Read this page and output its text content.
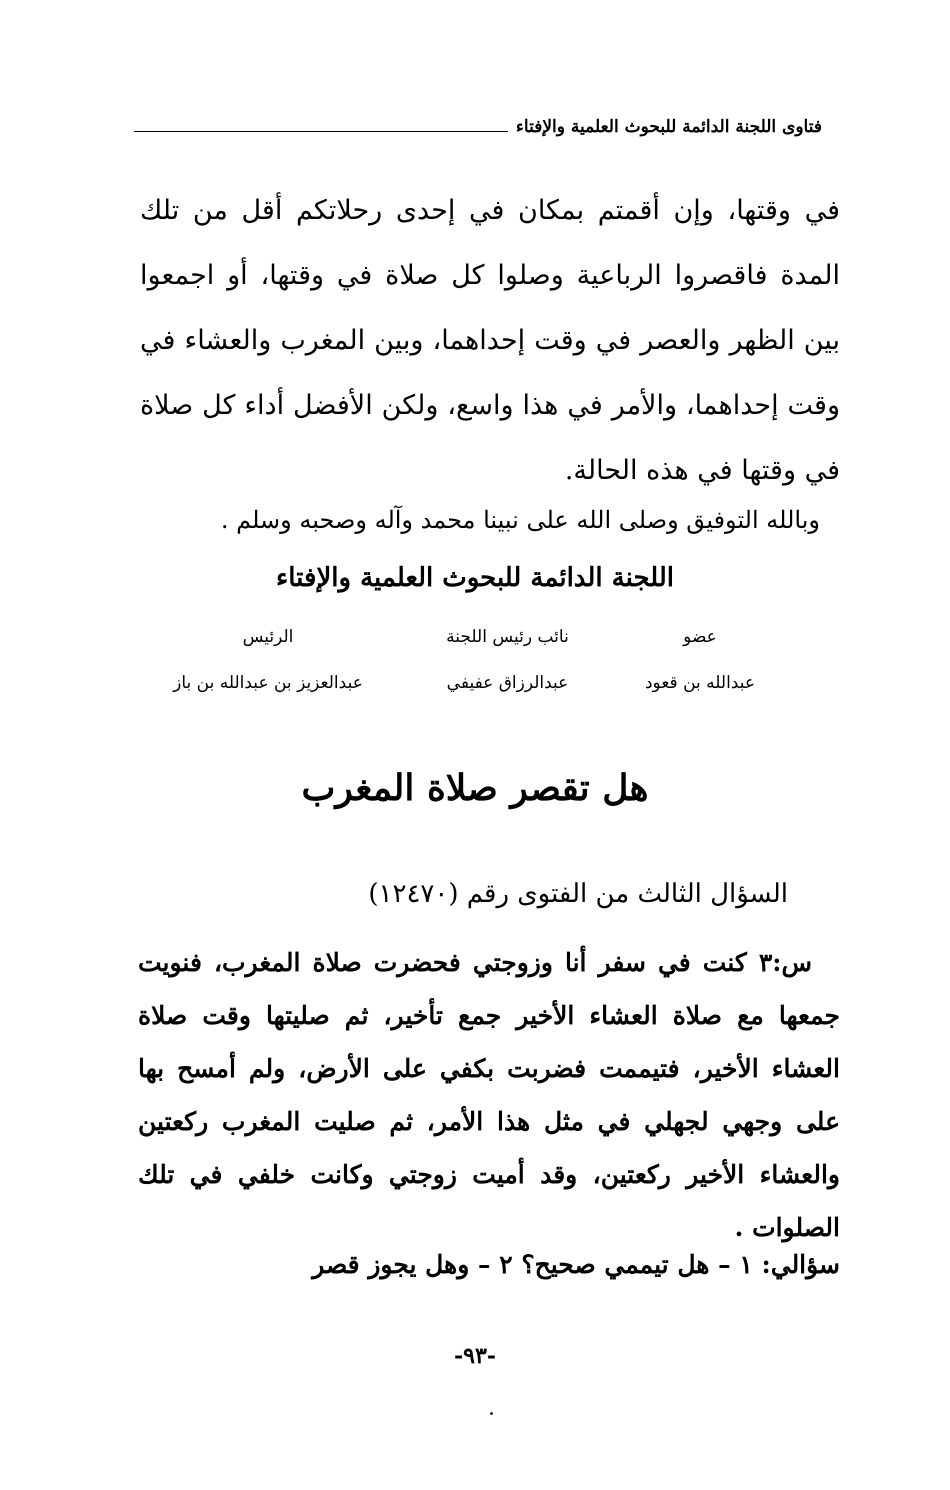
فتاوى اللجنة الدائمة للبحوث العلمية والإفتاء
في وقتها، وإن أقمتم بمكان في إحدى رحلاتكم أقل من تلك المدة فاقصروا الرباعية وصلوا كل صلاة في وقتها، أو اجمعوا بين الظهر والعصر في وقت إحداهما، وبين المغرب والعشاء في وقت إحداهما، والأمر في هذا واسع، ولكن الأفضل أداء كل صلاة في وقتها في هذه الحالة.
وبالله التوفيق وصلى الله على نبينا محمد وآله وصحبه وسلم .
اللجنة الدائمة للبحوث العلمية والإفتاء
عضو
عبدالله بن قعود
نائب رئيس اللجنة
عبدالرزاق عفيفي
الرئيس
عبدالعزيز بن عبدالله بن باز
هل تقصر صلاة المغرب
السؤال الثالث من الفتوى رقم (١٢٤٧٠)
س:٣ كنت في سفر أنا وزوجتي فحضرت صلاة المغرب، فنويت جمعها مع صلاة العشاء الأخير جمع تأخير، ثم صليتها وقت صلاة العشاء الأخير، فتيممت فضربت بكفي على الأرض، ولم أمسح بها على وجهي لجهلي في مثل هذا الأمر، ثم صليت المغرب ركعتين والعشاء الأخير ركعتين، وقد أميت زوجتي وكانت خلفي في تلك الصلوات .
سؤالي: ١ – هل تيممي صحيح؟ ٢ – وهل يجوز قصر
-٩٣-
